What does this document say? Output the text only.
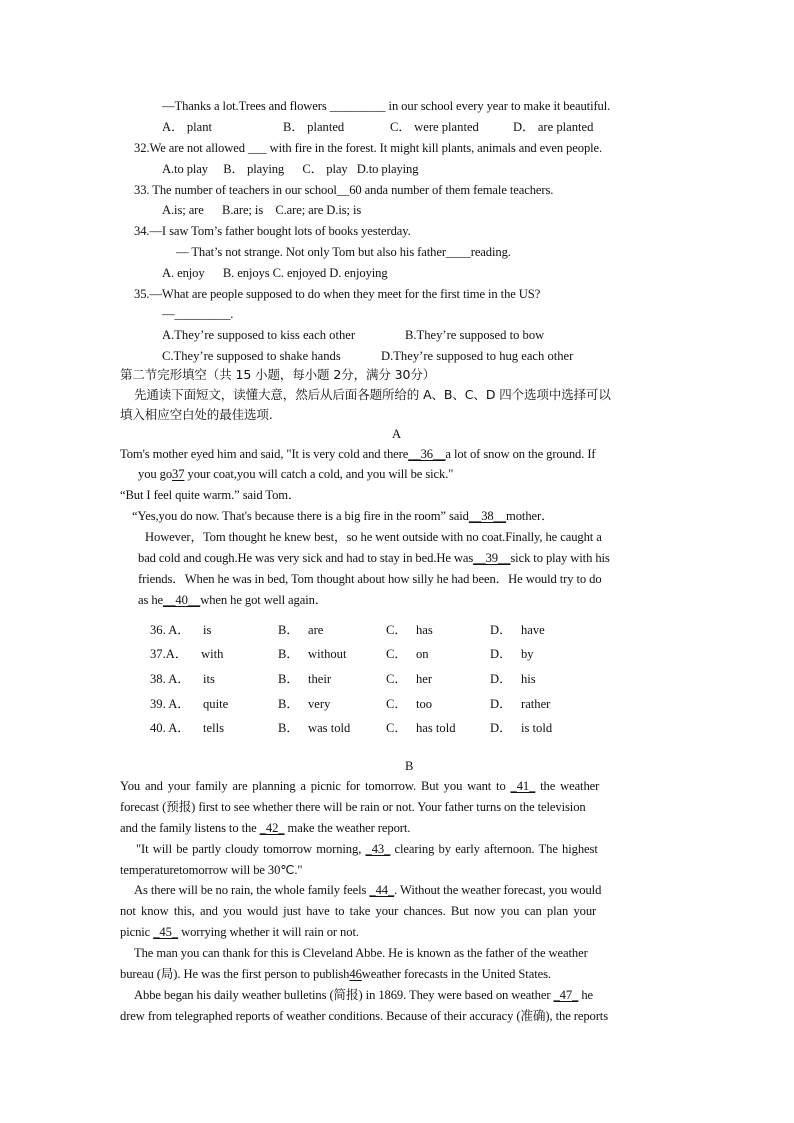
—Thanks a lot.Trees and flowers _________ in our school every year to make it beautiful.
A． plant	B． planted	C． were planted	D． are planted
32.We are not allowed ___ with fire in the forest. It might kill plants, animals and even people.
A.to play     B． playing      C． play   D.to playing
33. The number of teachers in our school__60 anda number of them female teachers.
A.is; are      B.are; is    C.are; are D.is; is
34.—I saw Tom’s father bought lots of books yesterday.
— That’s not strange. Not only Tom but also his father____reading.
A. enjoy      B. enjoys C. enjoyed D. enjoying
35.—What are people supposed to do when they meet for the first time in the US?
—_________.
A.They’re supposed to kiss each other	B.They’re supposed to bow
C.They’re supposed to shake hands	D.They’re supposed to hug each other
第二节完形填空（共 15 小题，每小题 2分，满分 30分）
先通读下面短文，读懂大意，然后从后面各题所给的 A、B、C、D 四个选项中选择可以
填入相应空白处的最佳选项.
A
Tom's mother eyed him and said, "It is very cold and there__36__a lot of snow on the ground. If
you go37 your coat,you will catch a cold, and you will be sick."
“But I feel quite warm.” said Tom．
“Yes,you do now. That's because there is a big fire in the room” said__38__mother．
However，Tom thought he knew best，so he went outside with no coat.Finally, he caught a
bad cold and cough.He was very sick and had to stay in bed.He was__39__sick to play with his
friends．When he was in bed, Tom thought about how silly he had been．He would try to do
as he__40__when he got well again．
36. A． is	B． are	C． has	D． have
37.A． with	B． without	C． on	D． by
38. A． its	B． their	C． her	D． his
39. A． quite	B． very	C． too	D． rather
40. A． tells	B． was told	C． has told	D． is told
B
You and your family are planning a picnic for tomorrow. But you want to _41_ the weather
forecast (预报) first to see whether there will be rain or not. Your father turns on the television
and the family listens to the _42_ make the weather report.
"It will be partly cloudy tomorrow morning, _43_ clearing by early afternoon. The highest
temperaturetomorrow will be 30℃."
As there will be no rain, the whole family feels _44_. Without the weather forecast, you would
not know this, and you would just have to take your chances. But now you can plan your
picnic _45_ worrying whether it will rain or not.
The man you can thank for this is Cleveland Abbe. He is known as the father of the weather
bureau (局). He was the first person to publish46weather forecasts in the United States.
Abbe began his daily weather bulletins (简报) in 1869. They were based on weather _47_ he
drew from telegraphed reports of weather conditions. Because of their accuracy (准确), the reports
